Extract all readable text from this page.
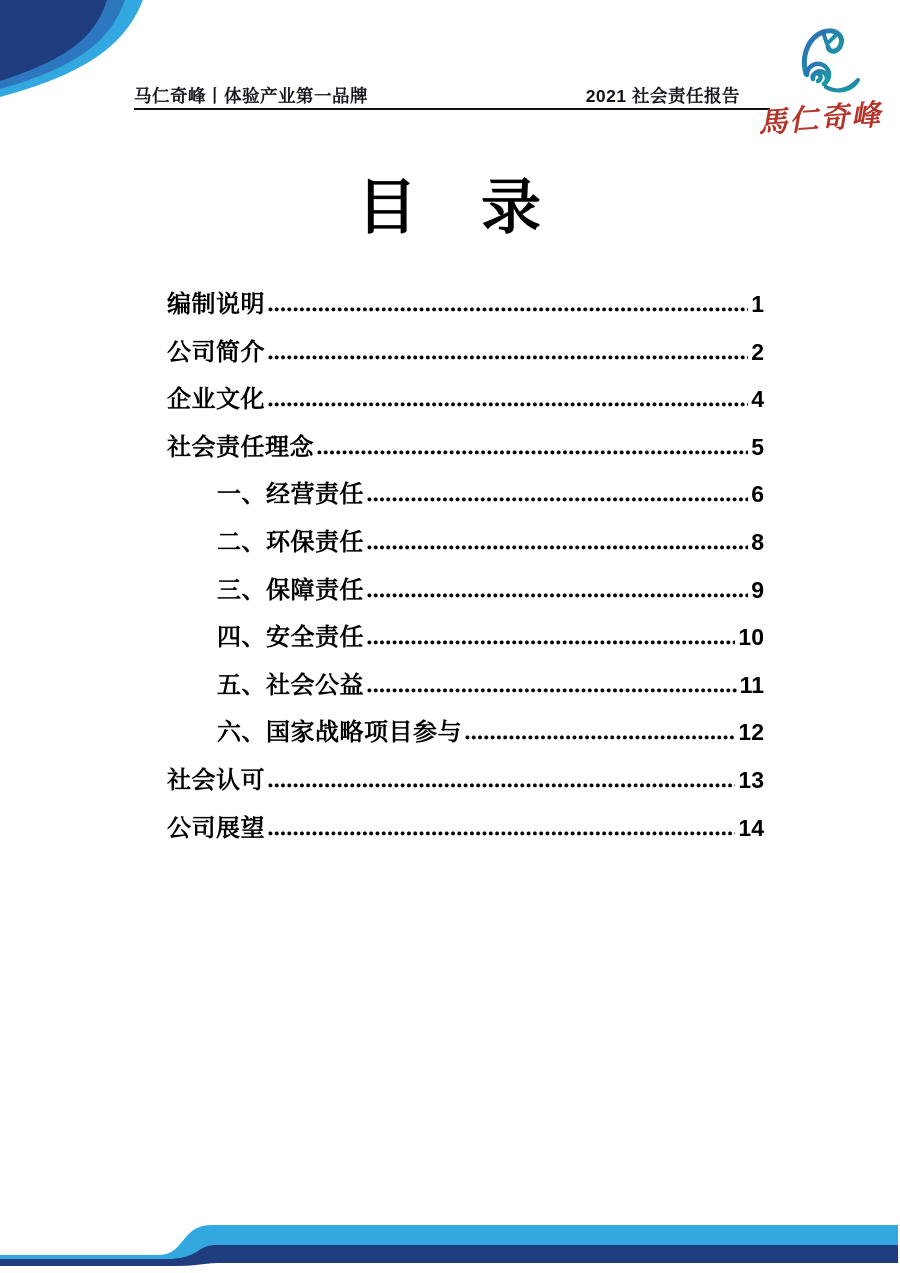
马仁奇峰丨体验产业第一品牌	2021 社会责任报告
馬仁奇峰
目　录
编制说明	1
公司简介	2
企业文化	4
社会责任理念	5
一、经营责任	6
二、环保责任	8
三、保障责任	9
四、安全责任	10
五、社会公益	11
六、国家战略项目参与	12
社会认可	13
公司展望	14
